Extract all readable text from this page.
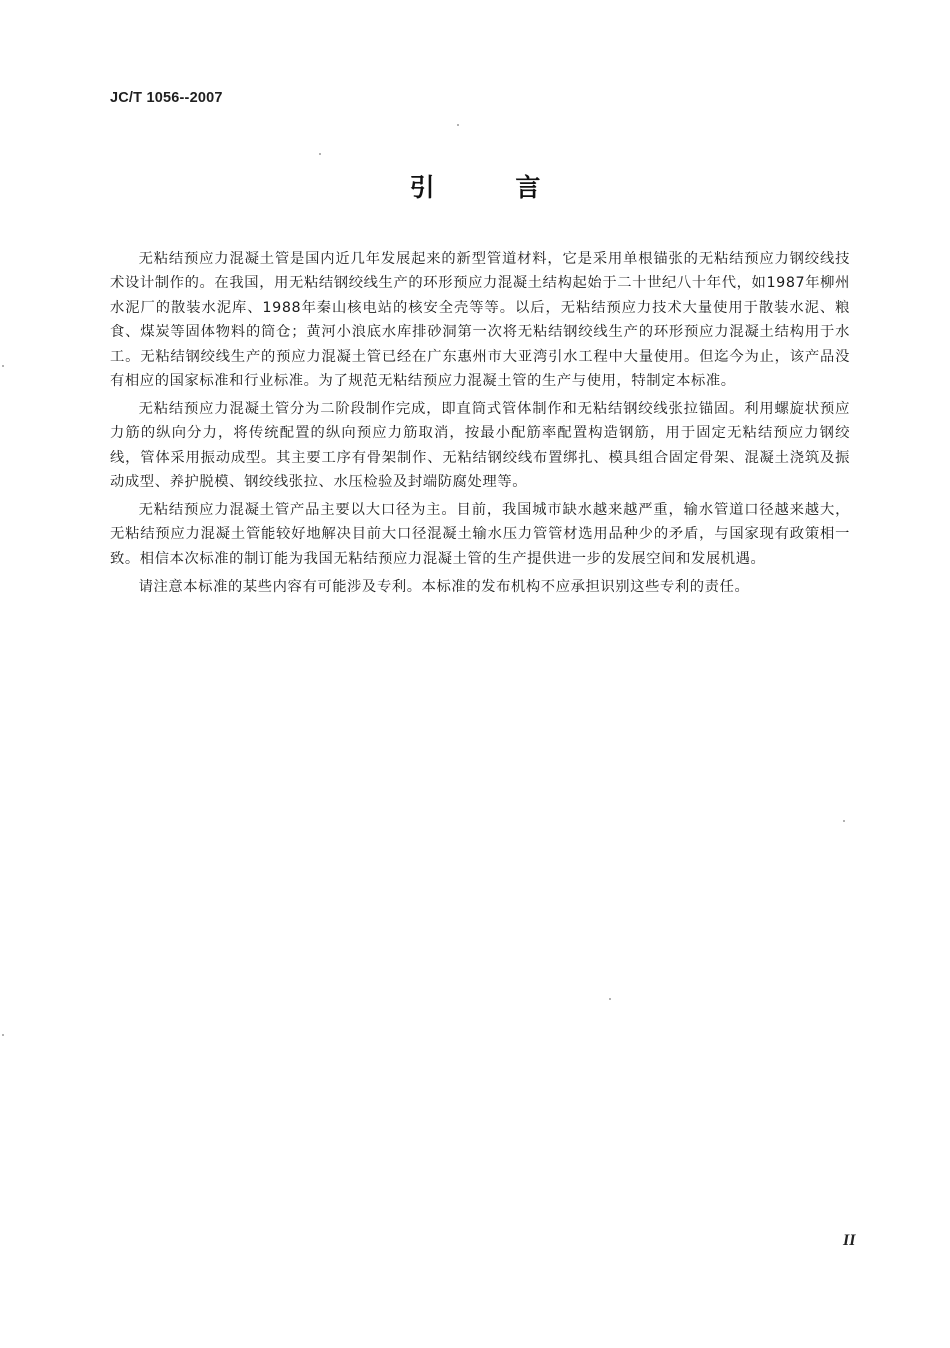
JC/T 1056--2007
引 言

无粘结预应力混凝土管是国内近几年发展起来的新型管道材料，它是采用单根锚张的无粘结预应力钢绞线技术设计制作的。在我国，用无粘结钢绞线生产的环形预应力混凝土结构起始于二十世纪八十年代，如1987年柳州水泥厂的散装水泥库、1988年秦山核电站的核安全壳等等。以后，无粘结预应力技术大量使用于散装水泥、粮食、煤炭等固体物料的筒仓；黄河小浪底水库排砂洞第一次将无粘结钢绞线生产的环形预应力混凝土结构用于水工。无粘结钢绞线生产的预应力混凝土管已经在广东惠州市大亚湾引水工程中大量使用。但迄今为止，该产品没有相应的国家标准和行业标准。为了规范无粘结预应力混凝土管的生产与使用，特制定本标准。

无粘结预应力混凝土管分为二阶段制作完成，即直筒式管体制作和无粘结钢绞线张拉锚固。利用螺旋状预应力筋的纵向分力，将传统配置的纵向预应力筋取消，按最小配筋率配置构造钢筋，用于固定无粘结预应力钢绞线，管体采用振动成型。其主要工序有骨架制作、无粘结钢绞线布置绑扎、模具组合固定骨架、混凝土浇筑及振动成型、养护脱模、钢绞线张拉、水压检验及封端防腐处理等。

无粘结预应力混凝土管产品主要以大口径为主。目前，我国城市缺水越来越严重，输水管道口径越来越大，无粘结预应力混凝土管能较好地解决目前大口径混凝土输水压力管管材选用品种少的矛盾，与国家现有政策相一致。相信本次标准的制订能为我国无粘结预应力混凝土管的生产提供进一步的发展空间和发展机遇。

请注意本标准的某些内容有可能涉及专利。本标准的发布机构不应承担识别这些专利的责任。

II
